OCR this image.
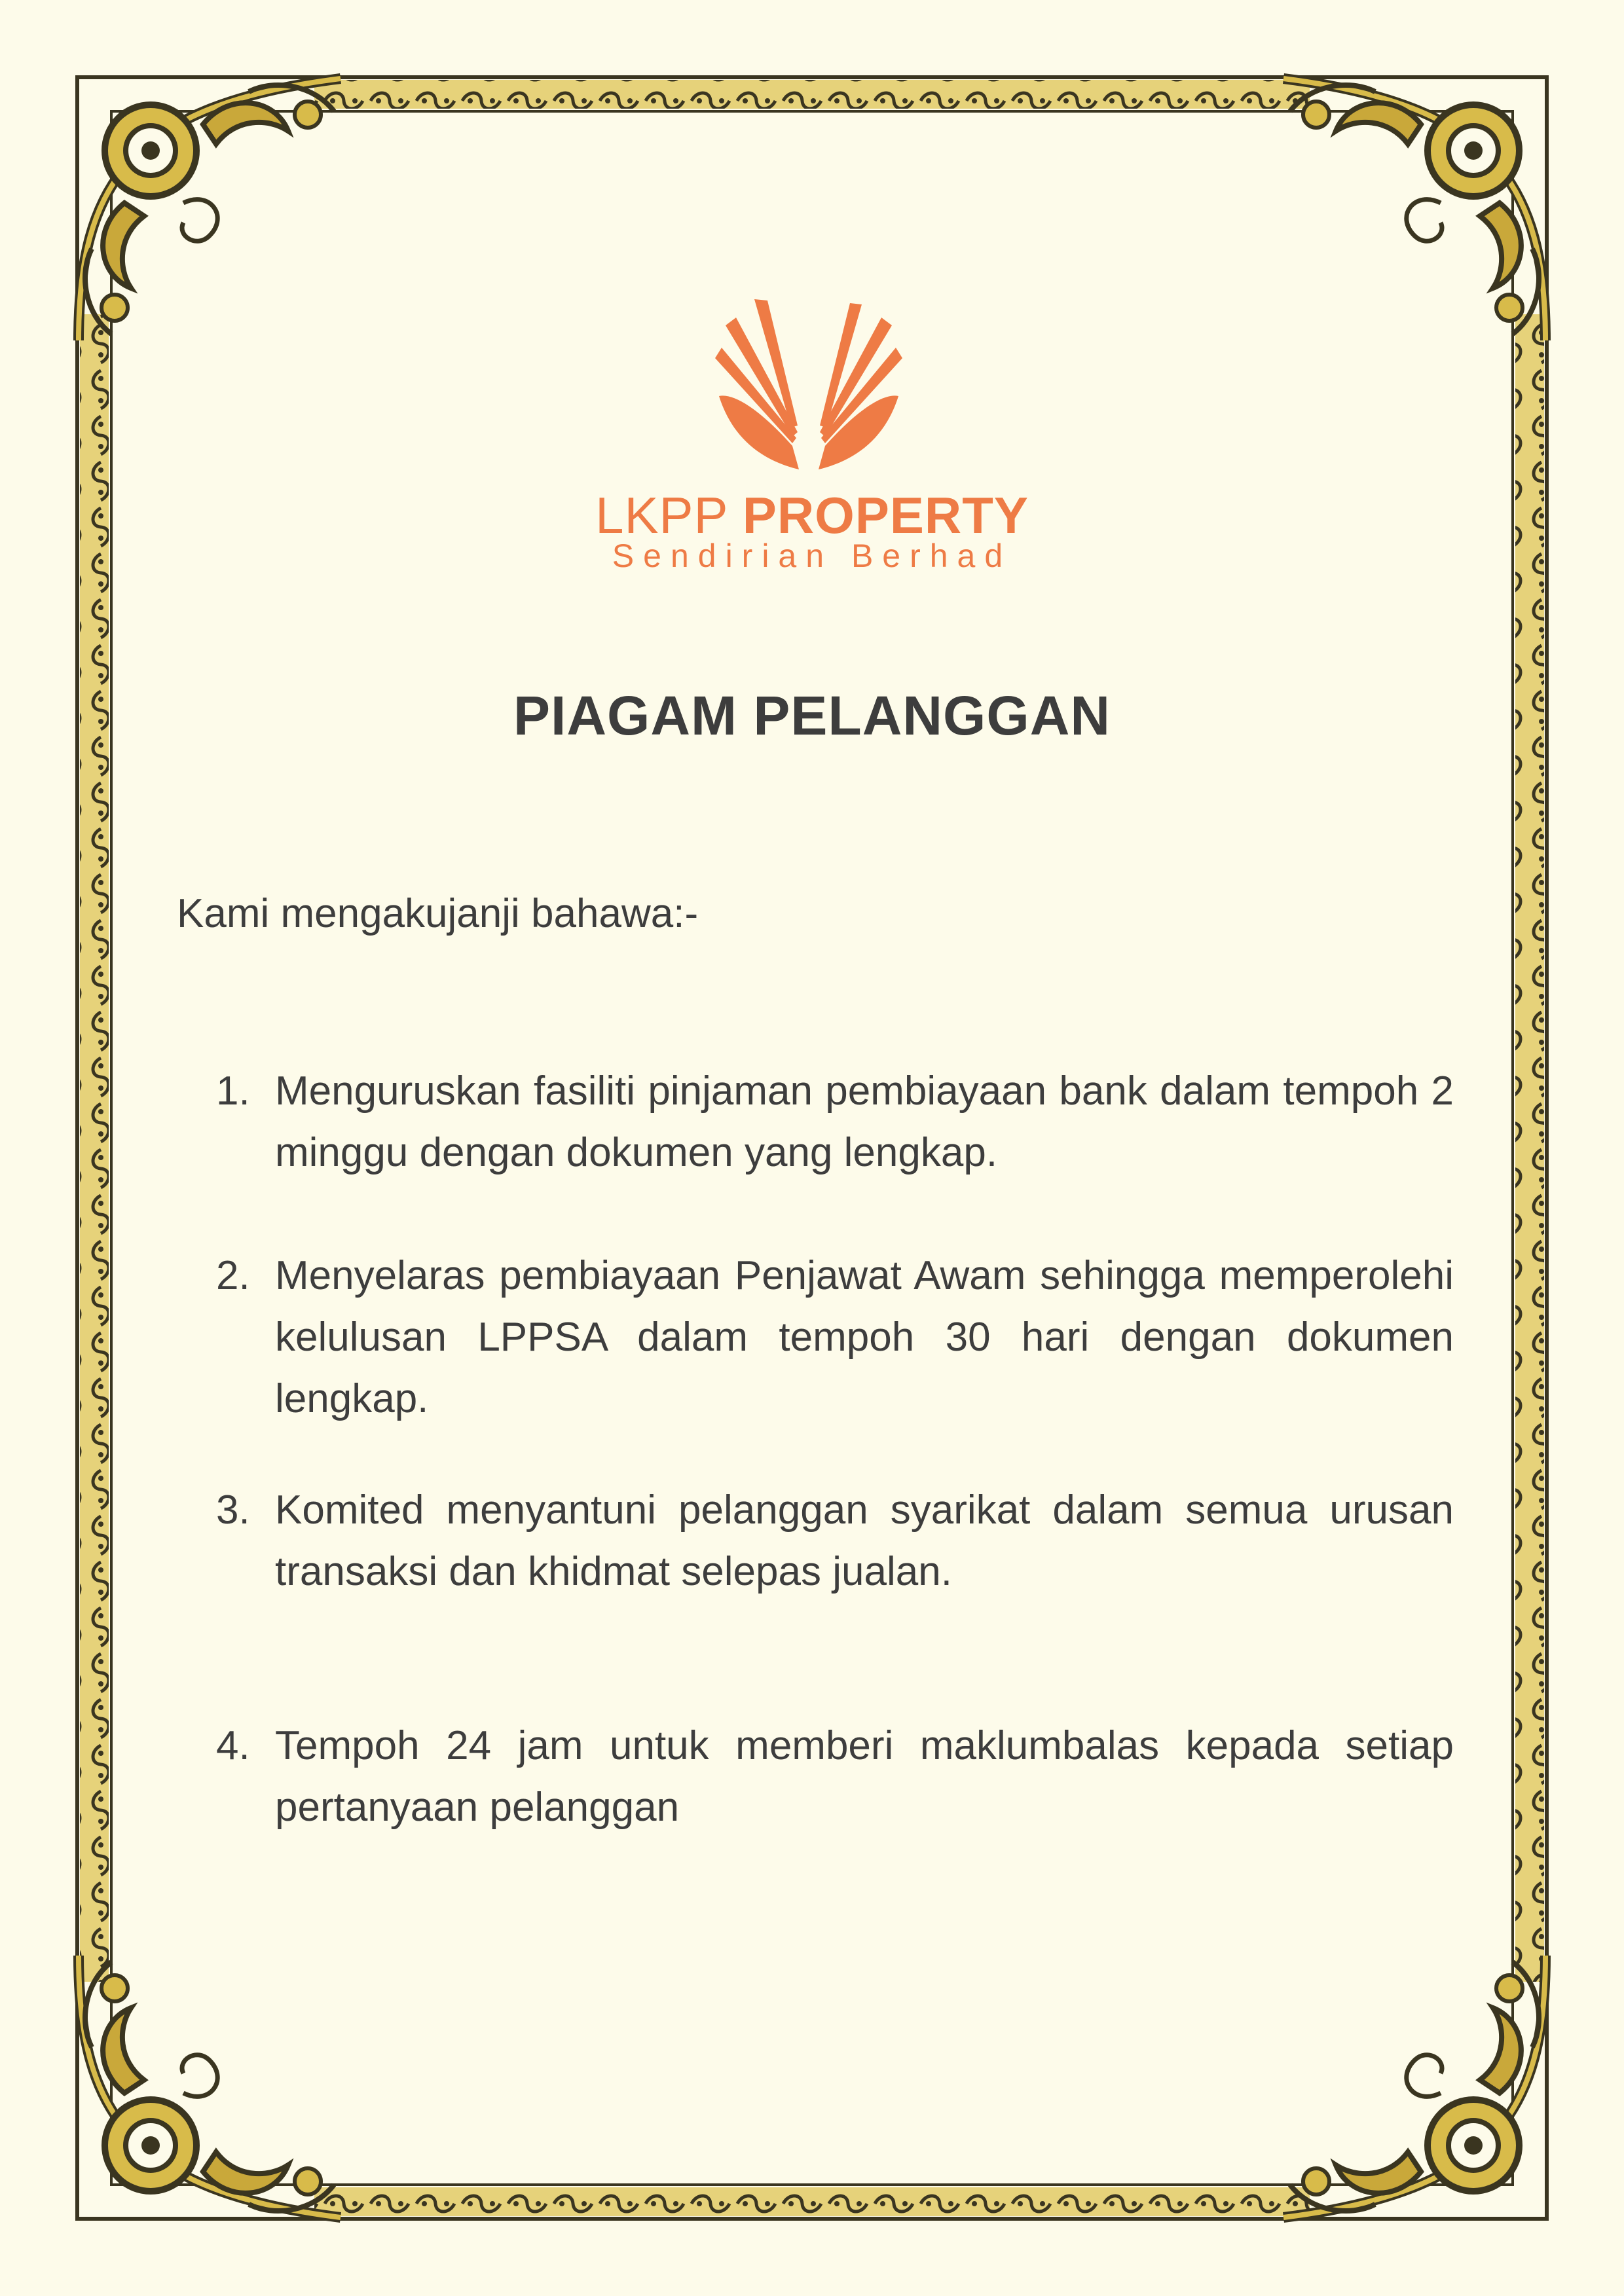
LKPP PROPERTY
Sendirian Berhad
PIAGAM PELANGGAN
Kami mengakujanji bahawa:-
1. Menguruskan fasiliti pinjaman pembiayaan bank dalam tempoh 2 minggu dengan dokumen yang lengkap.
2. Menyelaras pembiayaan Penjawat Awam sehingga memperolehi kelulusan LPPSA dalam tempoh 30 hari dengan dokumen lengkap.
3. Komited menyantuni pelanggan syarikat dalam semua urusan transaksi dan khidmat selepas jualan.
4. Tempoh 24 jam untuk memberi maklumbalas kepada setiap pertanyaan pelanggan
